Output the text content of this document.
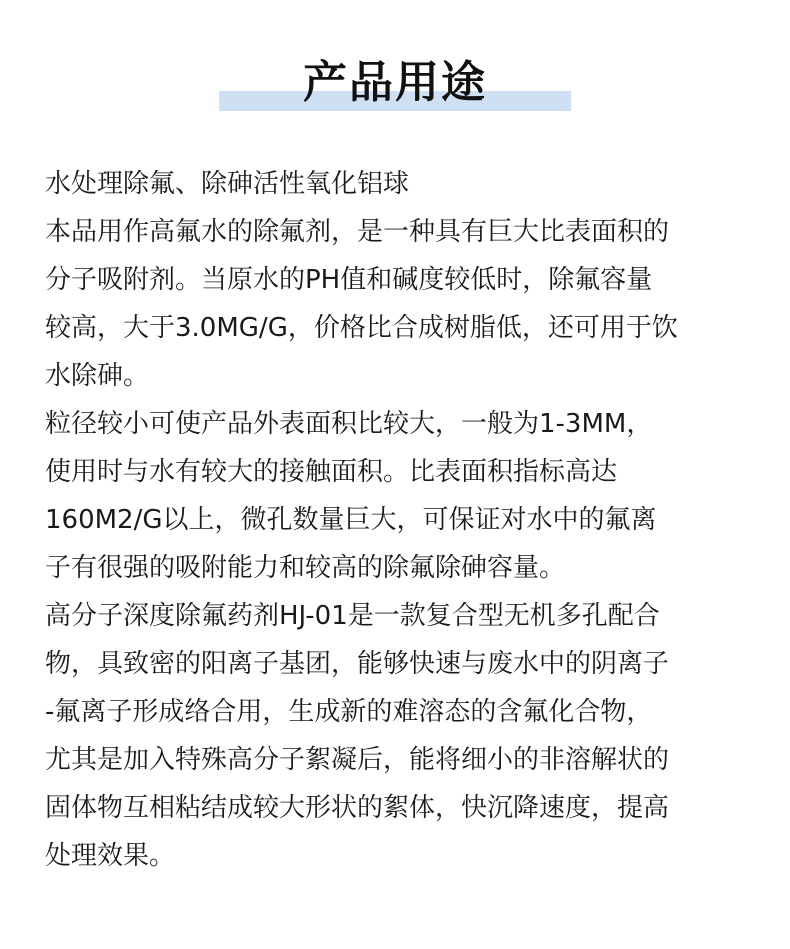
产品用途

水处理除氟、除砷活性氧化铝球

本品用作高氟水的除氟剂，是一种具有巨大比表面积的

分子吸附剂。当原水的PH值和碱度较低时，除氟容量

较高，大于3.0MG/G，价格比合成树脂低，还可用于饮

水除砷。

粒径较小可使产品外表面积比较大，一般为1-3MM，

使用时与水有较大的接触面积。比表面积指标高达

160M2/G以上，微孔数量巨大，可保证对水中的氟离

子有很强的吸附能力和较高的除氟除砷容量。

高分子深度除氟药剂HJ-01是一款复合型无机多孔配合

物，具致密的阳离子基团，能够快速与废水中的阴离子

-氟离子形成络合用，生成新的难溶态的含氟化合物，

尤其是加入特殊高分子絮凝后，能将细小的非溶解状的

固体物互相粘结成较大形状的絮体，快沉降速度，提高

处理效果。
